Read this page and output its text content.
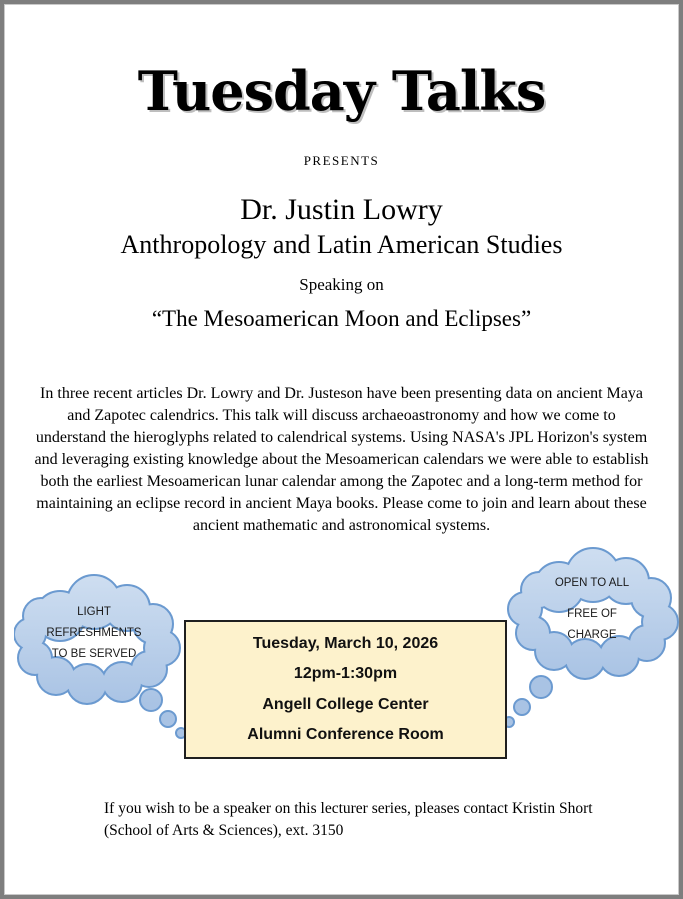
Tuesday Talks
PRESENTS
Dr. Justin Lowry
Anthropology and Latin American Studies
Speaking on
“The Mesoamerican Moon and Eclipses”

In three recent articles Dr. Lowry and Dr. Justeson have been presenting data on ancient Maya and Zapotec calendrics. This talk will discuss archaeoastronomy and how we come to understand the hieroglyphs related to calendrical systems. Using NASA's JPL Horizon's system and leveraging existing knowledge about the Mesoamerican calendars we were able to establish both the earliest Mesoamerican lunar calendar among the Zapotec and a long-term method for maintaining an eclipse record in ancient Maya books. Please come to join and learn about these ancient mathematic and astronomical systems.

LIGHT
REFRESHMENTS
TO BE SERVED
OPEN TO ALL
FREE OF
CHARGE
Tuesday, March 10, 2026
12pm-1:30pm
Angell College Center
Alumni Conference Room
If you wish to be a speaker on this lecturer series, pleases contact Kristin Short
(School of Arts & Sciences), ext. 3150
